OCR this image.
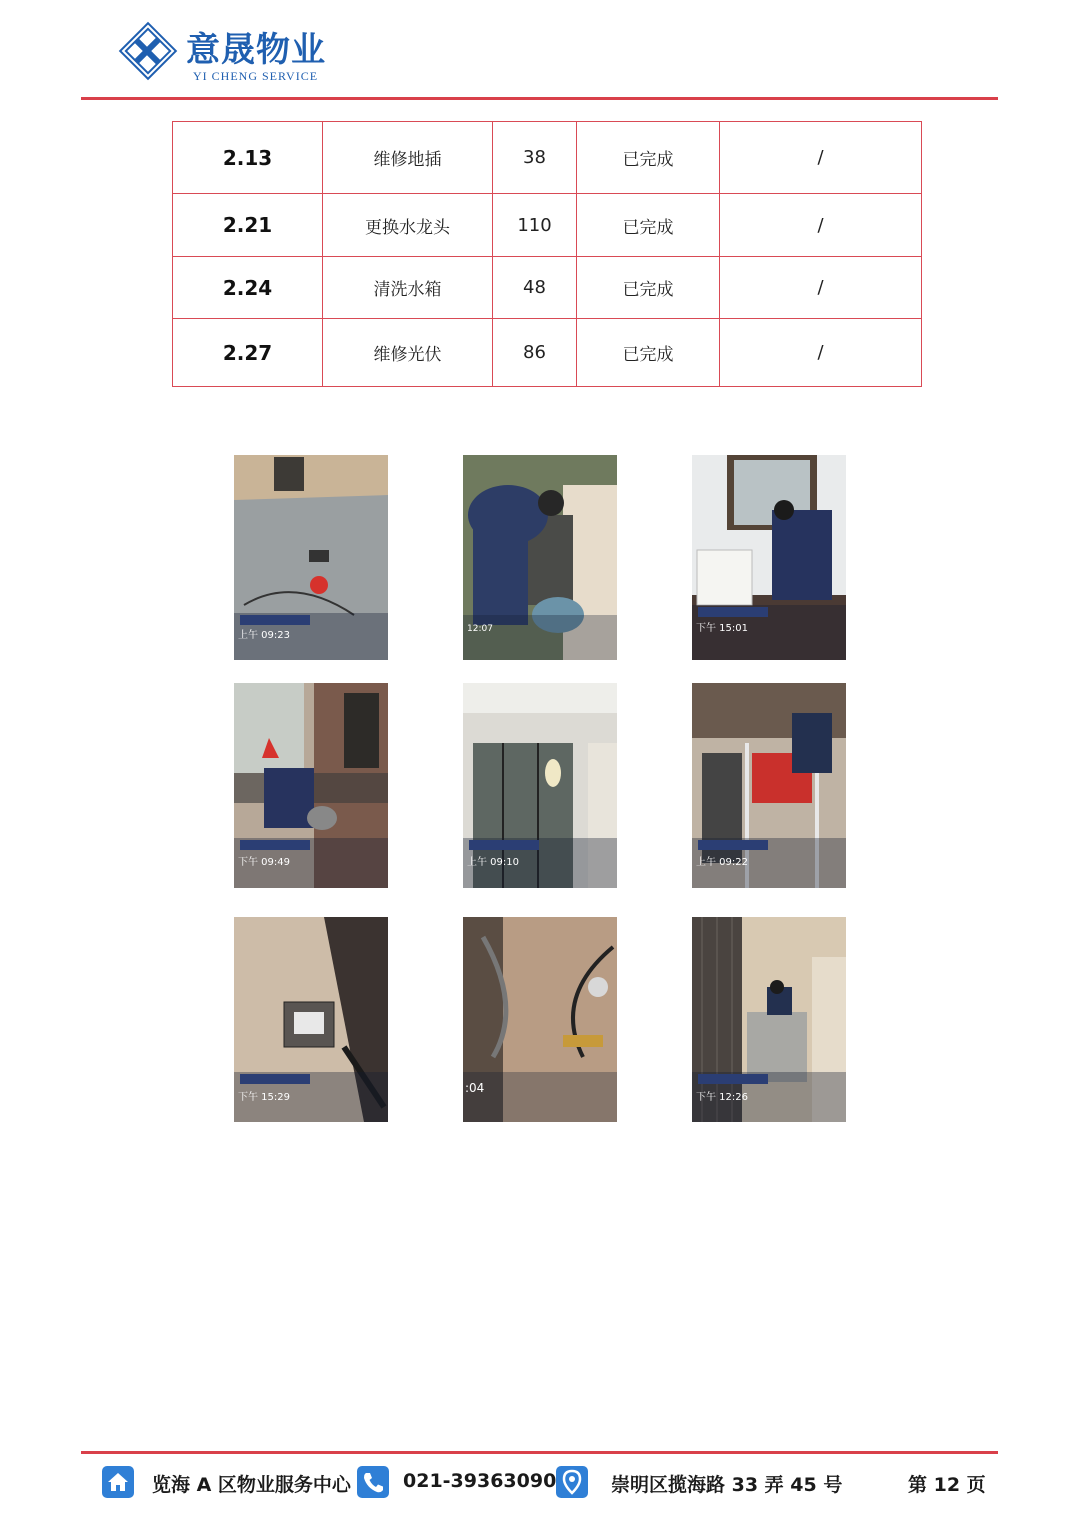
意晟物业
YI CHENG SERVICE
2.13	维修地插	38	已完成	/
2.21	更换水龙头	110	已完成	/
2.24	清洗水箱	48	已完成	/
2.27	维修光伏	86	已完成	/
上午 09:23
12:07	下午 15:01
下午 09:49	上午 09:10	上午 09:22
下午 15:29
:04
下午 12:26
览海 A 区物业服务中心	021-39363090	崇明区揽海路 33 弄 45 号	第 12 页
